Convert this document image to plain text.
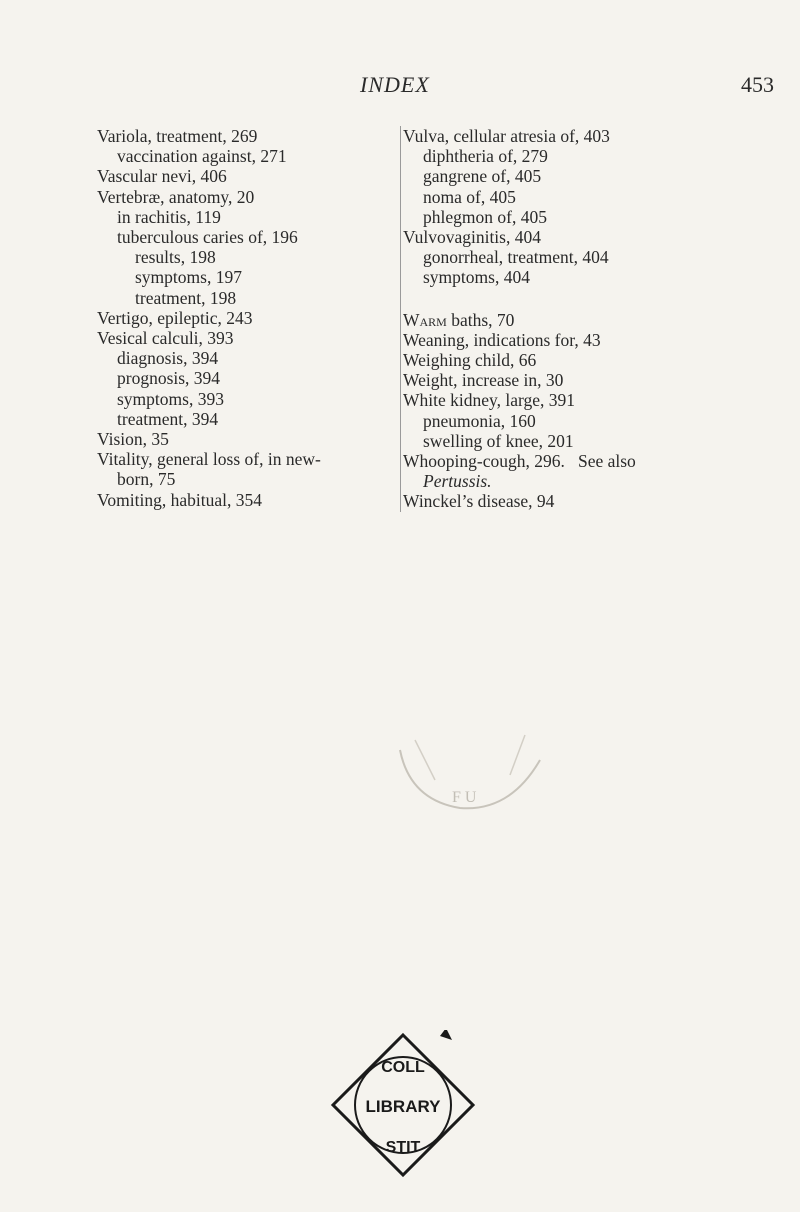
INDEX	453
Variola, treatment, 269
vaccination against, 271
Vascular nevi, 406
Vertebræ, anatomy, 20
in rachitis, 119
tuberculous caries of, 196
results, 198
symptoms, 197
treatment, 198
Vertigo, epileptic, 243
Vesical calculi, 393
diagnosis, 394
prognosis, 394
symptoms, 393
treatment, 394
Vision, 35
Vitality, general loss of, in new-
born, 75
Vomiting, habitual, 354
Vulva, cellular atresia of, 403
diphtheria of, 279
gangrene of, 405
noma of, 405
phlegmon of, 405
Vulvovaginitis, 404
gonorrheal, treatment, 404
symptoms, 404
Warm baths, 70
Weaning, indications for, 43
Weighing child, 66
Weight, increase in, 30
White kidney, large, 391
pneumonia, 160
swelling of knee, 201
Whooping-cough, 296.   See also
Pertussis.
Winckel’s disease, 94
F U
COLL
LIBRARY
STIT
